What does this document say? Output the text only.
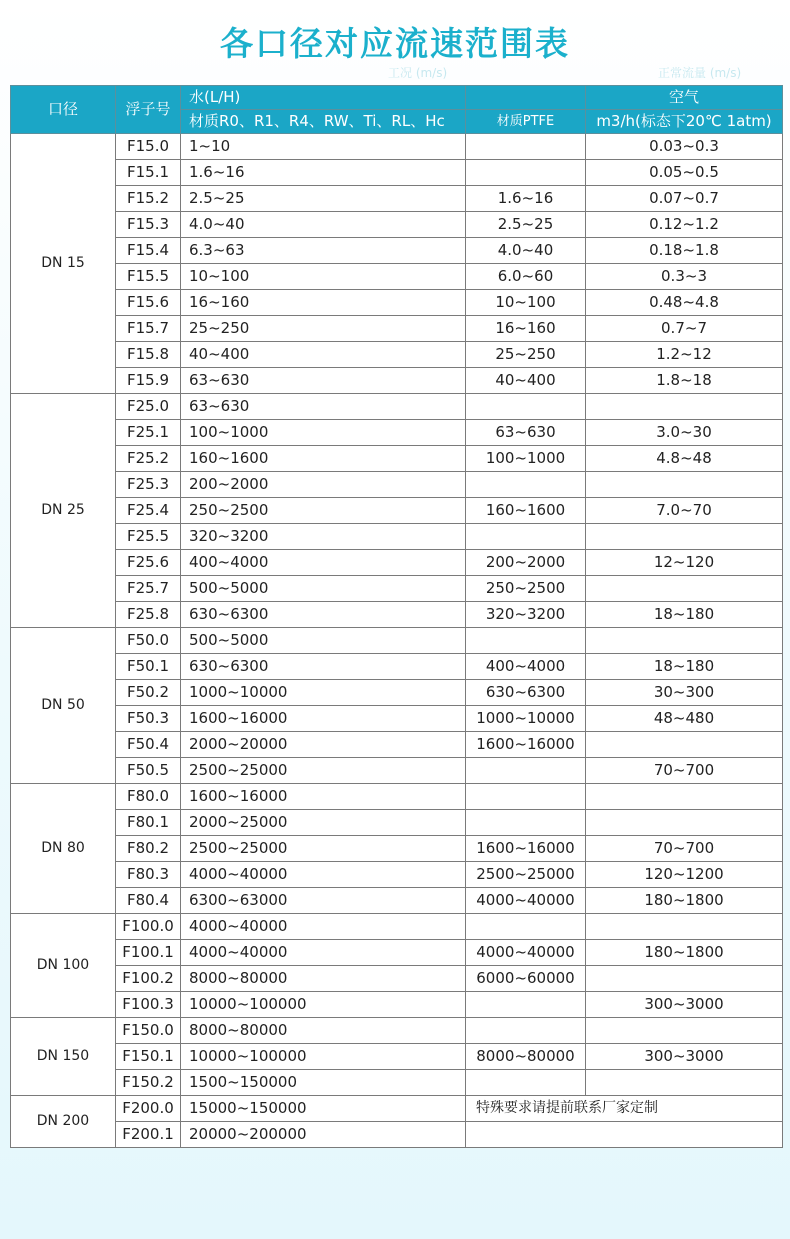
各口径对应流速范围表
工况 (m/s)	正常流量 (m/s)
口径	浮子号	水(L/H)		空气
		材质R0、R1、R4、RW、Ti、RL、Hc	材质PTFE	m3/h(标态下20℃ 1atm)
DN 15	F15.0	1~10		0.03~0.3
	F15.1	1.6~16		0.05~0.5
	F15.2	2.5~25	1.6~16	0.07~0.7
	F15.3	4.0~40	2.5~25	0.12~1.2
	F15.4	6.3~63	4.0~40	0.18~1.8
	F15.5	10~100	6.0~60	0.3~3
	F15.6	16~160	10~100	0.48~4.8
	F15.7	25~250	16~160	0.7~7
	F15.8	40~400	25~250	1.2~12
	F15.9	63~630	40~400	1.8~18
DN 25	F25.0	63~630		
	F25.1	100~1000	63~630	3.0~30
	F25.2	160~1600	100~1000	4.8~48
	F25.3	200~2000		
	F25.4	250~2500	160~1600	7.0~70
	F25.5	320~3200		
	F25.6	400~4000	200~2000	12~120
	F25.7	500~5000	250~2500	
	F25.8	630~6300	320~3200	18~180
DN 50	F50.0	500~5000		
	F50.1	630~6300	400~4000	18~180
	F50.2	1000~10000	630~6300	30~300
	F50.3	1600~16000	1000~10000	48~480
	F50.4	2000~20000	1600~16000	
	F50.5	2500~25000		70~700
DN 80	F80.0	1600~16000		
	F80.1	2000~25000		
	F80.2	2500~25000	1600~16000	70~700
	F80.3	4000~40000	2500~25000	120~1200
	F80.4	6300~63000	4000~40000	180~1800
DN 100	F100.0	4000~40000		
	F100.1	4000~40000	4000~40000	180~1800
	F100.2	8000~80000	6000~60000	
	F100.3	10000~100000		300~3000
DN 150	F150.0	8000~80000		
	F150.1	10000~100000	8000~80000	300~3000
	F150.2	1500~150000		
DN 200	F200.0	15000~150000	特殊要求请提前联系厂家定制	
	F200.1	20000~200000		
